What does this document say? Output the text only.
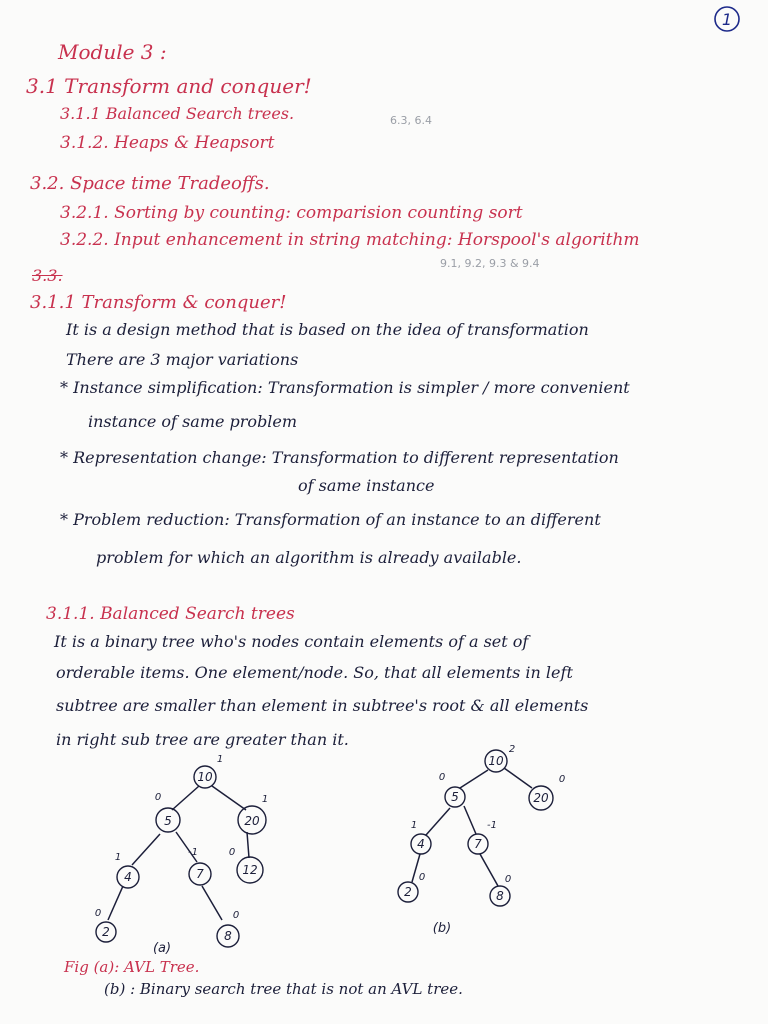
1
Module 3 :
3.1 Transform and conquer!
3.1.1 Balanced Search trees.	6.3, 6.4
3.1.2. Heaps & Heapsort
3.2. Space time Tradeoffs.
3.2.1. Sorting by counting: comparision counting sort
3.2.2. Input enhancement in string matching: Horspool's algorithm
9.1, 9.2, 9.3 & 9.4
3.3.
3.1.1 Transform & conquer!
It is a design method that is based on the idea of transformation
There are 3 major variations
* Instance simplification: Transformation is simpler / more convenient
instance of same problem
* Representation change: Transformation to different representation
of same instance
* Problem reduction: Transformation of an instance to an different
problem for which an algorithm is already available.
3.1.1. Balanced Search trees
It is a binary tree who's nodes contain elements of a set of
orderable items. One element/node. So, that all elements in left
subtree are smaller than element in subtree's root & all elements
in right sub tree are greater than it.
10
5	20
4	7	12
2	8
1
0	1
1	-1	0
0	0
(a)
10
5	20
4	7
2	8
2
0	0
1	-1
0	0
(b)
Fig (a): AVL Tree.
(b) : Binary search tree that is not an AVL tree.
